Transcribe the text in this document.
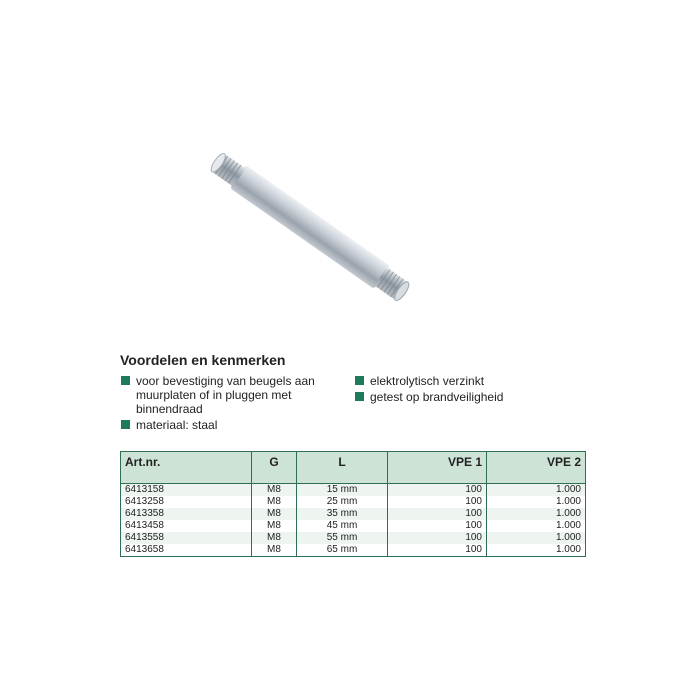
Voordelen en kenmerken
voor bevestiging van beugels aan muurplaten of in pluggen met binnendraad
materiaal: staal
elektrolytisch verzinkt
getest op brandveiligheid
Art.nr.	G	L	VPE 1	VPE 2
6413158	M8	15 mm	100	1.000
6413258	M8	25 mm	100	1.000
6413358	M8	35 mm	100	1.000
6413458	M8	45 mm	100	1.000
6413558	M8	55 mm	100	1.000
6413658	M8	65 mm	100	1.000
